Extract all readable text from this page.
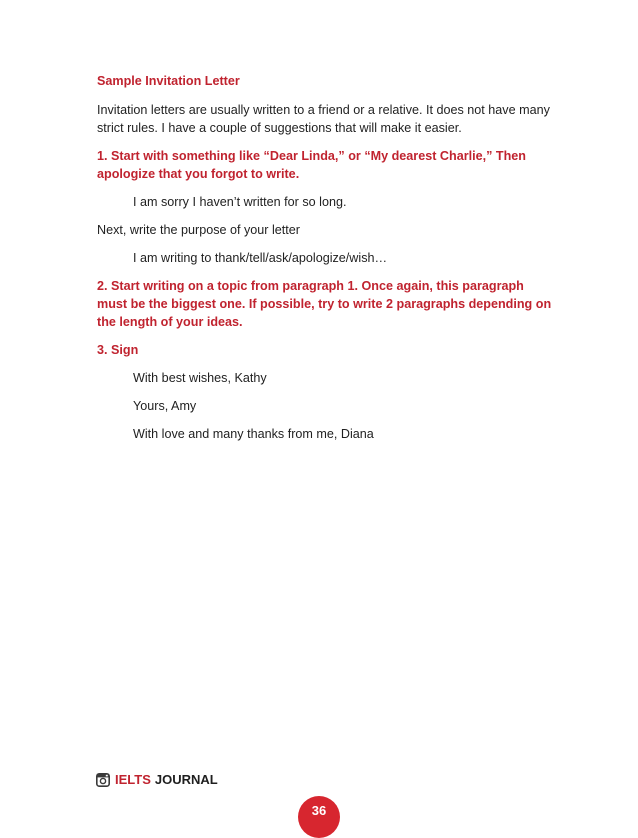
Sample Invitation Letter
Invitation letters are usually written to a friend or a relative. It does not have many strict rules. I have a couple of suggestions that will make it easier.
1. Start with something like “Dear Linda,” or “My dearest Charlie,” Then apologize that you forgot to write.
I am sorry I haven’t written for so long.
Next, write the purpose of your letter
I am writing to thank/tell/ask/apologize/wish…
2. Start writing on a topic from paragraph 1. Once again, this paragraph must be the biggest one. If possible, try to write 2 paragraphs depending on the length of your ideas.
3. Sign
With best wishes, Kathy
Yours, Amy
With love and many thanks from me, Diana
IELTS JOURNAL
36
